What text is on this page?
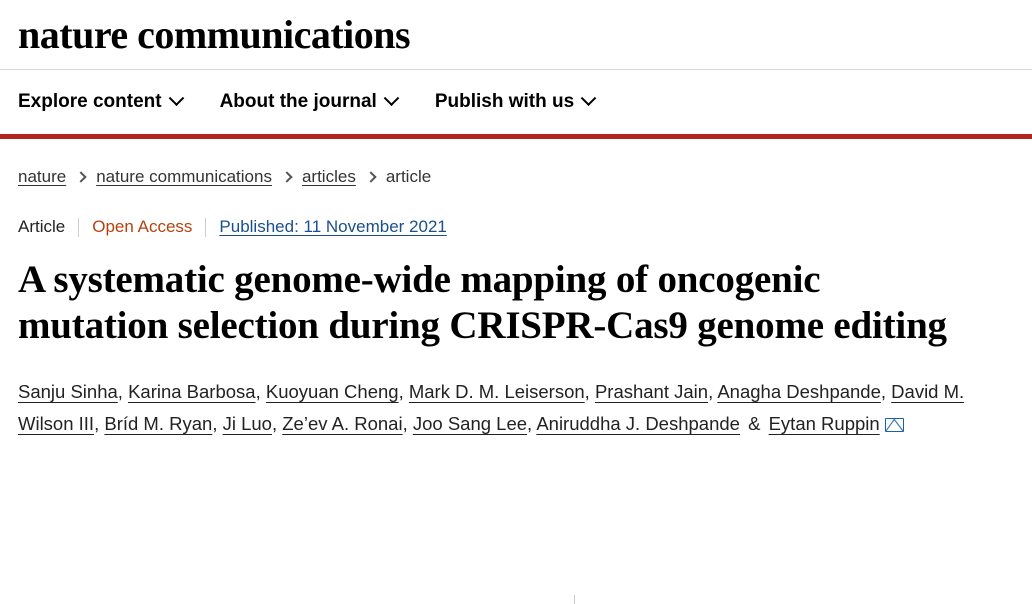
nature communications
Explore content	About the journal	Publish with us
nature nature communications articles article
Article	Open Access	Published: 11 November 2021
A systematic genome-wide mapping of oncogenic mutation selection during CRISPR-Cas9 genome editing
Sanju Sinha, Karina Barbosa, Kuoyuan Cheng, Mark D. M. Leiserson, Prashant Jain, Anagha Deshpande, David M. Wilson III, Bríd M. Ryan, Ji Luo, Ze’ev A. Ronai, Joo Sang Lee, Aniruddha J. Deshpande & Eytan Ruppin
